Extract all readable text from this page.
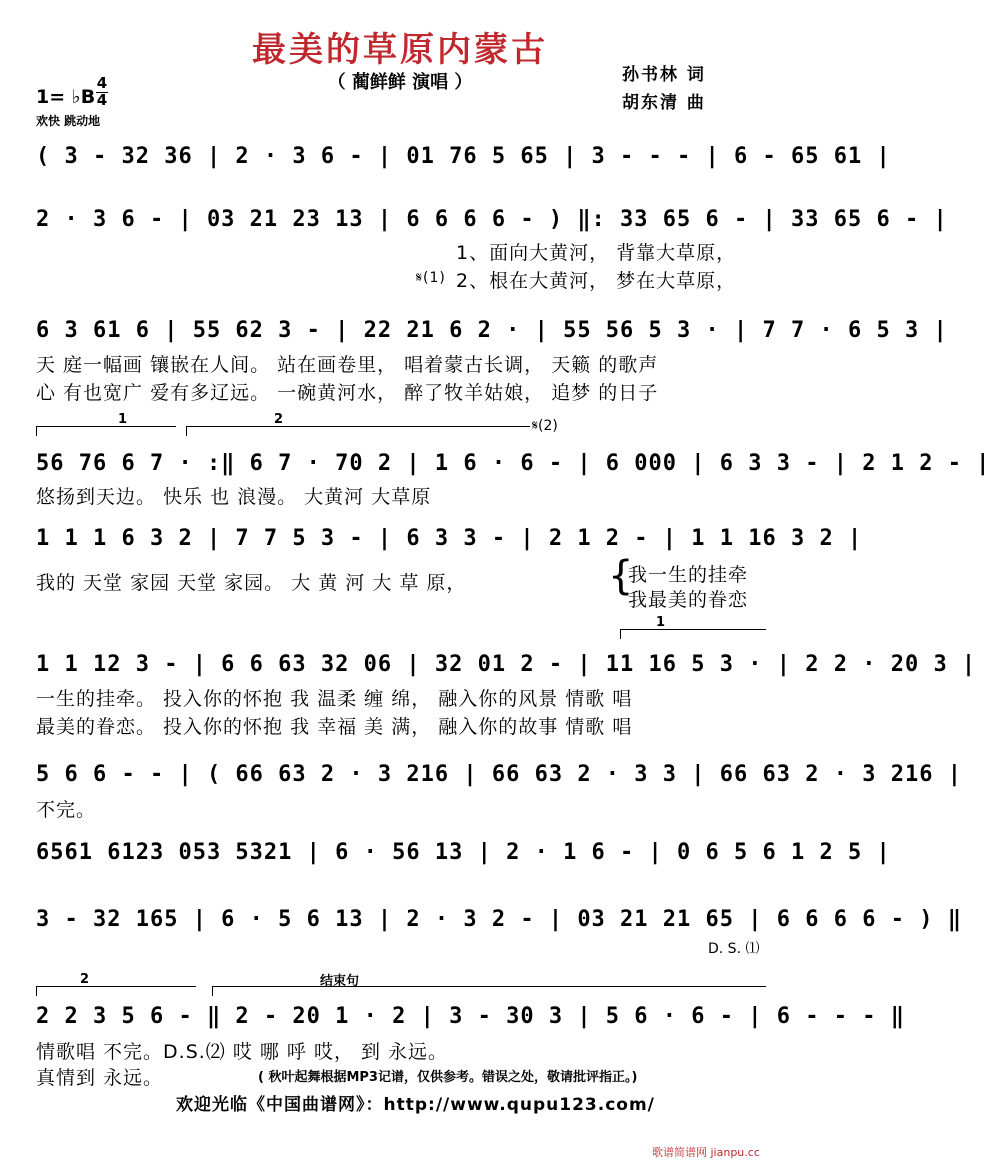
最美的草原内蒙古
（ 蔺鲜鲜 演唱 ）	孙书林 词
胡东清 曲
1= ♭B
4
4
欢快 跳动地
( 3 - 32 36 | 2 · 3 6 - | 01 76 5 65 | 3 - - - | 6 - 65 61 |
2 · 3 6 - | 03 21 23 13 | 6 6 6 6 - ) ‖: 33 65 6 - | 33 65 6 - |
1、面向大黄河， 背靠大草原，
𝄋(1) 2、根在大黄河， 梦在大草原，
6 3 61 6 | 55 62 3 - | 22 21 6 2 · | 55 56 5 3 · | 7 7 · 6 5 3 |
天 庭一幅画 镶嵌在人间。 站在画卷里， 唱着蒙古长调， 天籁 的歌声
心 有也宽广 爱有多辽远。 一碗黄河水， 醉了牧羊姑娘， 追梦 的日子
1	2	𝄋(2)
56 76 6 7 · :‖ 6 7 · 70 2 | 1 6 · 6 - | 6 000 | 6 3 3 - | 2 1 2 - |
悠扬到天边。 快乐 也 浪漫。 大黄河 大草原
1 1 1 6 3 2 | 7 7 5 3 - | 6 3 3 - | 2 1 2 - | 1 1 16 3 2 |
我的 天堂 家园 天堂 家园。 大 黄 河 大 草 原，	{
我一生的挂牵
我最美的眷恋
1
1 1 12 3 - | 6 6 63 32 06 | 32 01 2 - | 11 16 5 3 · | 2 2 · 20 3 |
一生的挂牵。 投入你的怀抱 我 温柔 缠 绵， 融入你的风景 情歌 唱
最美的眷恋。 投入你的怀抱 我 幸福 美 满， 融入你的故事 情歌 唱
5 6 6 - - | ( 66 63 2 · 3 216 | 66 63 2 · 3 3 | 66 63 2 · 3 216 |
不完。
6561 6123 053 5321 | 6 · 56 13 | 2 · 1 6 - | 0 6 5 6 1 2 5 |
3 - 32 165 | 6 · 5 6 13 | 2 · 3 2 - | 03 21 21 65 | 6 6 6 6 - ) ‖
D. S. ⑴
2	结束句
2 2 3 5 6 - ‖ 2 - 20 1 · 2 | 3 - 30 3 | 5 6 · 6 - | 6 - - - ‖
情歌唱 不完。D.S.⑵ 哎 哪 呼 哎， 到 永远。
真情到 永远。	( 秋叶起舞根据MP3记谱，仅供参考。错误之处，敬请批评指正。)
欢迎光临《中国曲谱网》：http://www.qupu123.com/
歌谱简谱网 jianpu.cc
